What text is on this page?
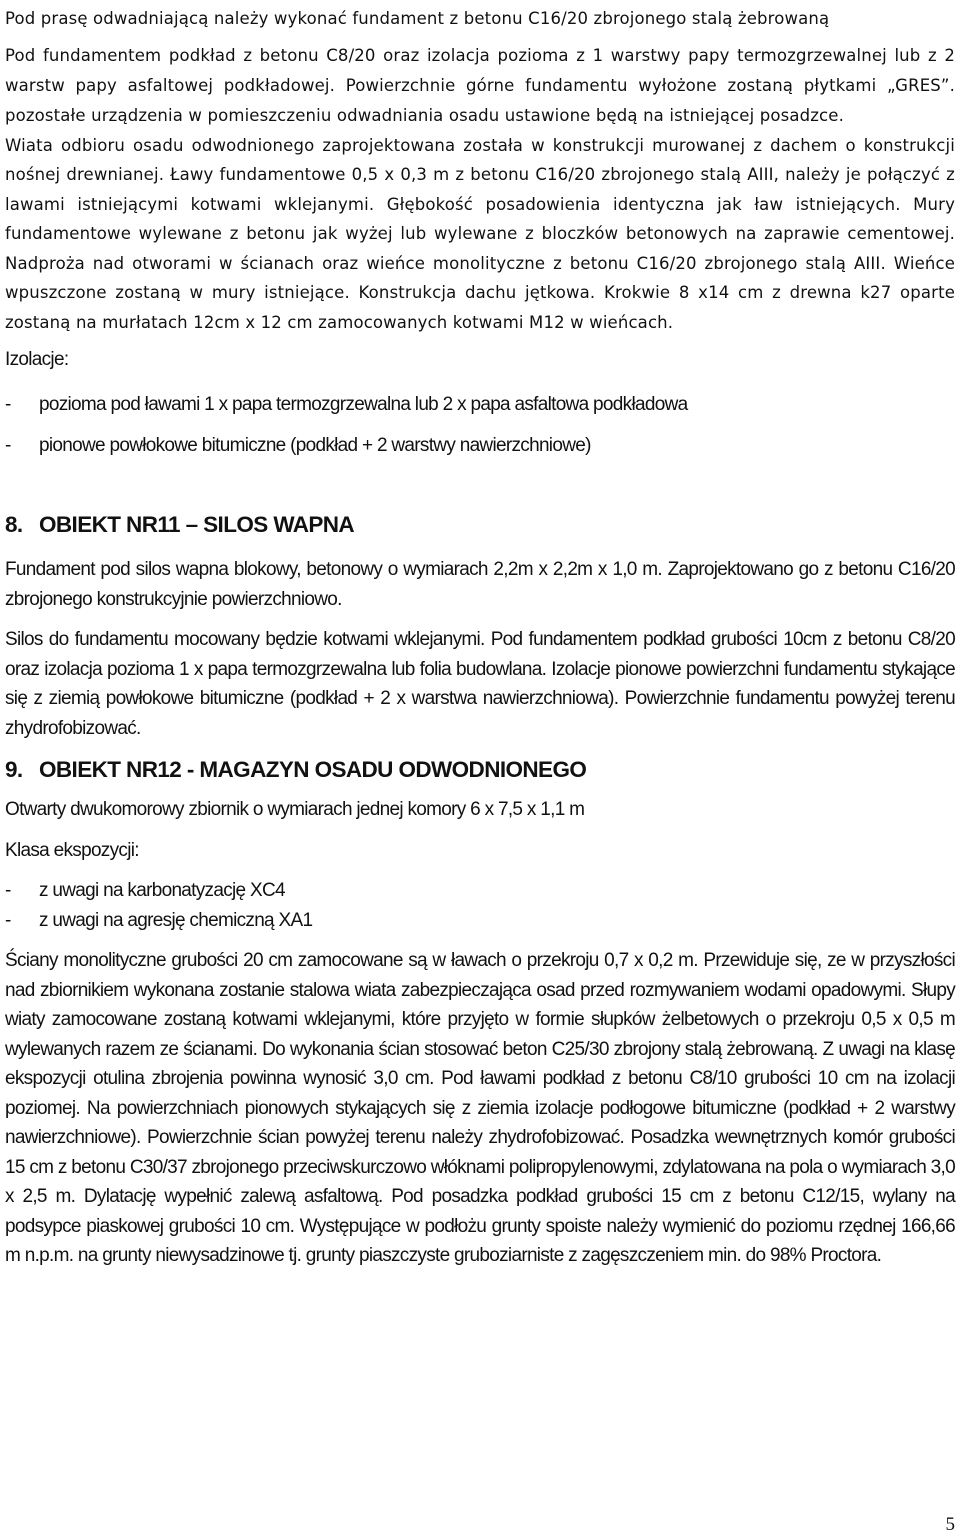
Pod prasę odwadniającą należy wykonać fundament z betonu C16/20 zbrojonego stalą żebrowaną

Pod fundamentem podkład z betonu C8/20 oraz izolacja pozioma z 1 warstwy papy termozgrzewalnej lub z 2 warstw papy asfaltowej podkładowej. Powierzchnie górne fundamentu wyłożone zostaną płytkami „GRES”. pozostałe urządzenia w pomieszczeniu odwadniania osadu ustawione będą na istniejącej posadzce.

Wiata odbioru osadu odwodnionego zaprojektowana została w konstrukcji murowanej z dachem o konstrukcji nośnej drewnianej. Ławy fundamentowe 0,5 x 0,3 m z betonu C16/20 zbrojonego stalą AIII, należy je połączyć z lawami istniejącymi kotwami wklejanymi. Głębokość posadowienia identyczna jak ław istniejących. Mury fundamentowe wylewane z betonu jak wyżej lub wylewane z bloczków betonowych na zaprawie cementowej. Nadproża nad otworami w ścianach oraz wieńce monolityczne z betonu C16/20 zbrojonego stalą AIII. Wieńce wpuszczone zostaną w mury istniejące. Konstrukcja dachu jętkowa. Krokwie 8 x14 cm z drewna k27 oparte zostaną na murłatach 12cm x 12 cm zamocowanych kotwami M12 w wieńcach.

Izolacje:

-	pozioma pod ławami 1 x papa termozgrzewalna lub 2 x papa asfaltowa podkładowa
-	pionowe powłokowe bitumiczne (podkład + 2 warstwy nawierzchniowe)
8. OBIEKT NR11 – SILOS WAPNA

Fundament pod silos wapna blokowy, betonowy o wymiarach 2,2m x 2,2m x 1,0 m. Zaprojektowano go z betonu C16/20 zbrojonego konstrukcyjnie powierzchniowo.

Silos do fundamentu mocowany będzie kotwami wklejanymi. Pod fundamentem podkład grubości 10cm z betonu C8/20 oraz izolacja pozioma 1 x papa termozgrzewalna lub folia budowlana. Izolacje pionowe powierzchni fundamentu stykające się z ziemią powłokowe bitumiczne (podkład + 2 x warstwa nawierzchniowa). Powierzchnie fundamentu powyżej terenu zhydrofobizować.

9. OBIEKT NR12 - MAGAZYN OSADU ODWODNIONEGO

Otwarty dwukomorowy zbiornik o wymiarach jednej komory 6 x 7,5 x 1,1 m

Klasa ekspozycji:

-	z uwagi na karbonatyzację XC4
-	z uwagi na agresję chemiczną XA1

Ściany monolityczne grubości 20 cm zamocowane są w ławach o przekroju 0,7 x 0,2 m. Przewiduje się, ze w przyszłości nad zbiornikiem wykonana zostanie stalowa wiata zabezpieczająca osad przed rozmywaniem wodami opadowymi. Słupy wiaty zamocowane zostaną kotwami wklejanymi, które przyjęto w formie słupków żelbetowych o przekroju 0,5 x 0,5 m wylewanych razem ze ścianami. Do wykonania ścian stosować beton C25/30 zbrojony stalą żebrowaną. Z uwagi na klasę ekspozycji otulina zbrojenia powinna wynosić 3,0 cm. Pod ławami podkład z betonu C8/10 grubości 10 cm na izolacji poziomej. Na powierzchniach pionowych stykających się z ziemia izolacje podłogowe bitumiczne (podkład + 2 warstwy nawierzchniowe). Powierzchnie ścian powyżej terenu należy zhydrofobizować. Posadzka wewnętrznych komór grubości 15 cm z betonu C30/37 zbrojonego przeciwskurczowo włóknami polipropylenowymi, zdylatowana na pola o wymiarach 3,0 x 2,5 m. Dylatację wypełnić zalewą asfaltową. Pod posadzka podkład grubości 15 cm z betonu C12/15, wylany na podsypce piaskowej grubości 10 cm. Występujące w podłożu grunty spoiste należy wymienić do poziomu rzędnej 166,66 m n.p.m. na grunty niewysadzinowe tj. grunty piaszczyste gruboziarniste z zagęszczeniem min. do 98% Proctora.

5
